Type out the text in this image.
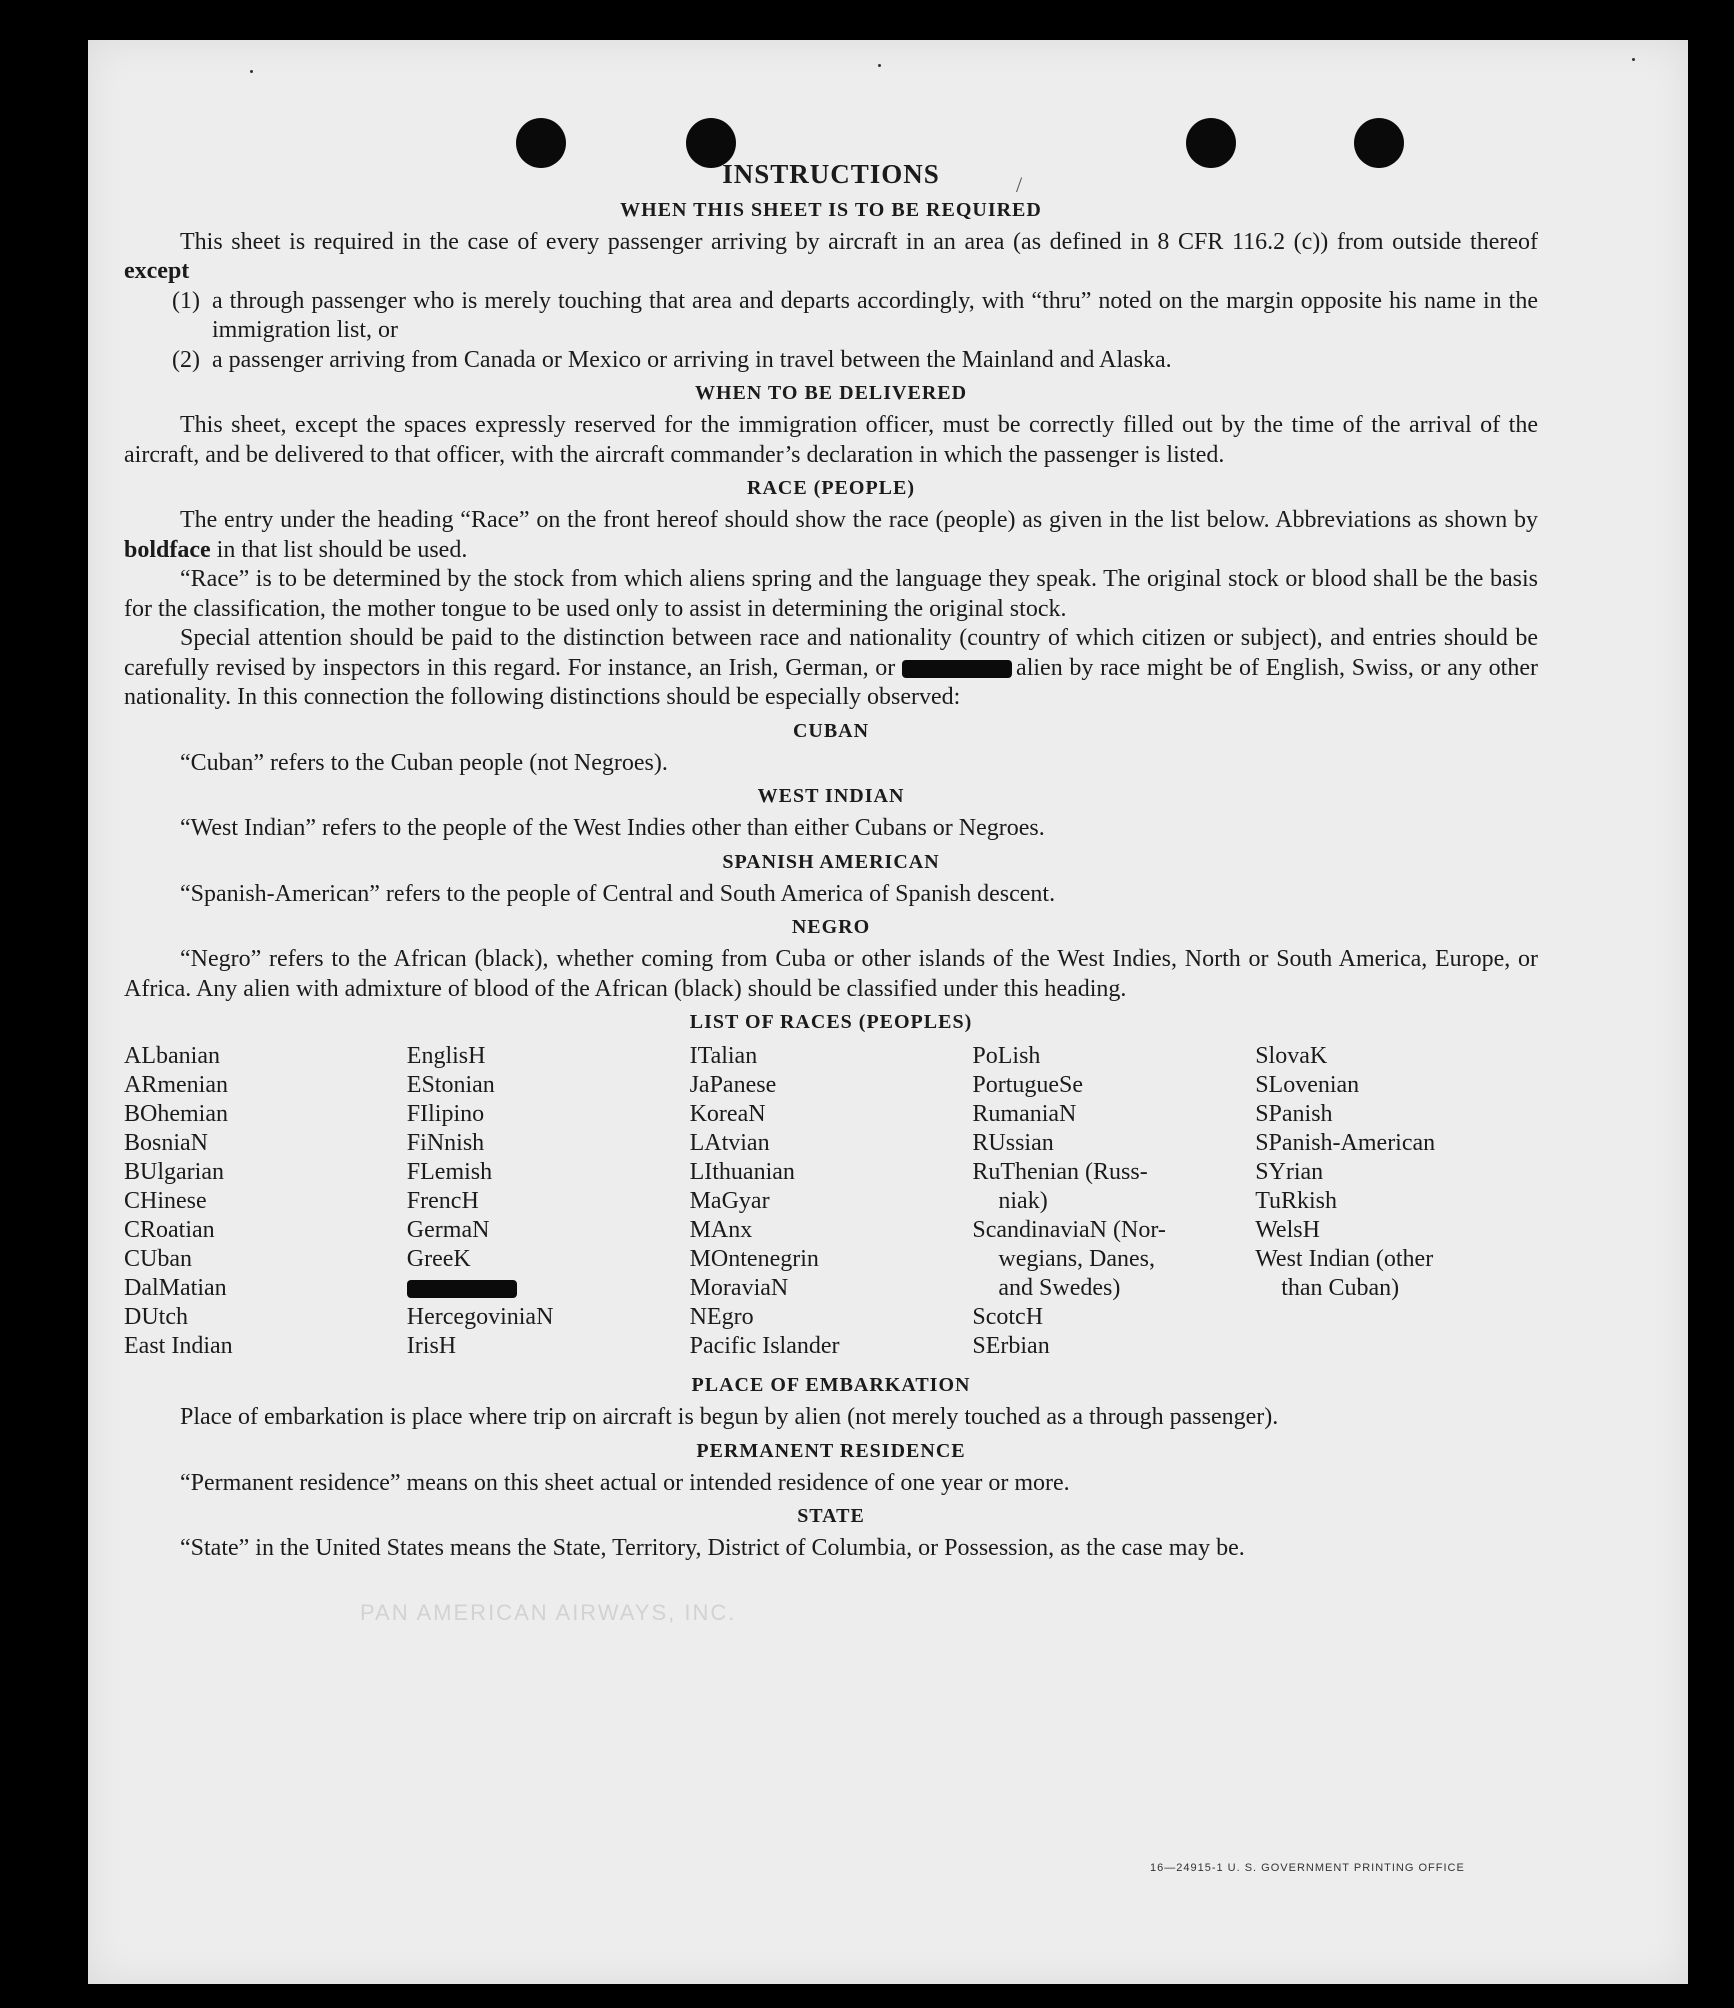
/
PAN AMERICAN AIRWAYS, INC.
INSTRUCTIONS
WHEN THIS SHEET IS TO BE REQUIRED

This sheet is required in the case of every passenger arriving by aircraft in an area (as defined in 8 CFR 116.2 (c)) from outside thereof except

(1) a through passenger who is merely touching that area and departs accordingly, with “thru” noted on the margin opposite his name in the immigration list, or
(2) a passenger arriving from Canada or Mexico or arriving in travel between the Mainland and Alaska.
WHEN TO BE DELIVERED

This sheet, except the spaces expressly reserved for the immigration officer, must be correctly filled out by the time of the arrival of the aircraft, and be delivered to that officer, with the aircraft commander’s declaration in which the passenger is listed.

RACE (PEOPLE)

The entry under the heading “Race” on the front hereof should show the race (people) as given in the list below. Abbreviations as shown by boldface in that list should be used.

“Race” is to be determined by the stock from which aliens spring and the language they speak. The original stock or blood shall be the basis for the classification, the mother tongue to be used only to assist in determining the original stock.

Special attention should be paid to the distinction between race and nationality (country of which citizen or subject), and entries should be carefully revised by inspectors in this regard. For instance, an Irish, German, or	alien by race might be of English, Swiss, or any other nationality. In this connection the following distinctions should be especially observed:

CUBAN

“Cuban” refers to the Cuban people (not Negroes).

WEST INDIAN

“West Indian” refers to the people of the West Indies other than either Cubans or Negroes.

SPANISH AMERICAN

“Spanish-American” refers to the people of Central and South America of Spanish descent.

NEGRO

“Negro” refers to the African (black), whether coming from Cuba or other islands of the West Indies, North or South America, Europe, or Africa. Any alien with admixture of blood of the African (black) should be classified under this heading.

LIST OF RACES (PEOPLES)
ALbanian
ARmenian
BOhemian
BosniaN
BUlgarian
CHinese
CRoatian
CUban
DalMatian
DUtch
East Indian
EnglisH
EStonian
FIlipino
FiNnish
FLemish
FrencH
GermaN
GreeK
HercegoviniaN
IrisH
ITalian
JaPanese
KoreaN
LAtvian
LIthuanian
MaGyar
MAnx
MOntenegrin
MoraviaN
NEgro
Pacific Islander
PoLish
PortugueSe
RumaniaN
RUssian
RuThenian (Russ-
niak)
ScandinaviaN (Nor-
wegians, Danes,
and Swedes)
ScotcH
SErbian
SlovaK
SLovenian
SPanish
SPanish-American
SYrian
TuRkish
WelsH
West Indian (other
than Cuban)
PLACE OF EMBARKATION

Place of embarkation is place where trip on aircraft is begun by alien (not merely touched as a through passenger).

PERMANENT RESIDENCE

“Permanent residence” means on this sheet actual or intended residence of one year or more.

STATE

“State” in the United States means the State, Territory, District of Columbia, or Possession, as the case may be.

16—24915-1 U. S. GOVERNMENT PRINTING OFFICE
